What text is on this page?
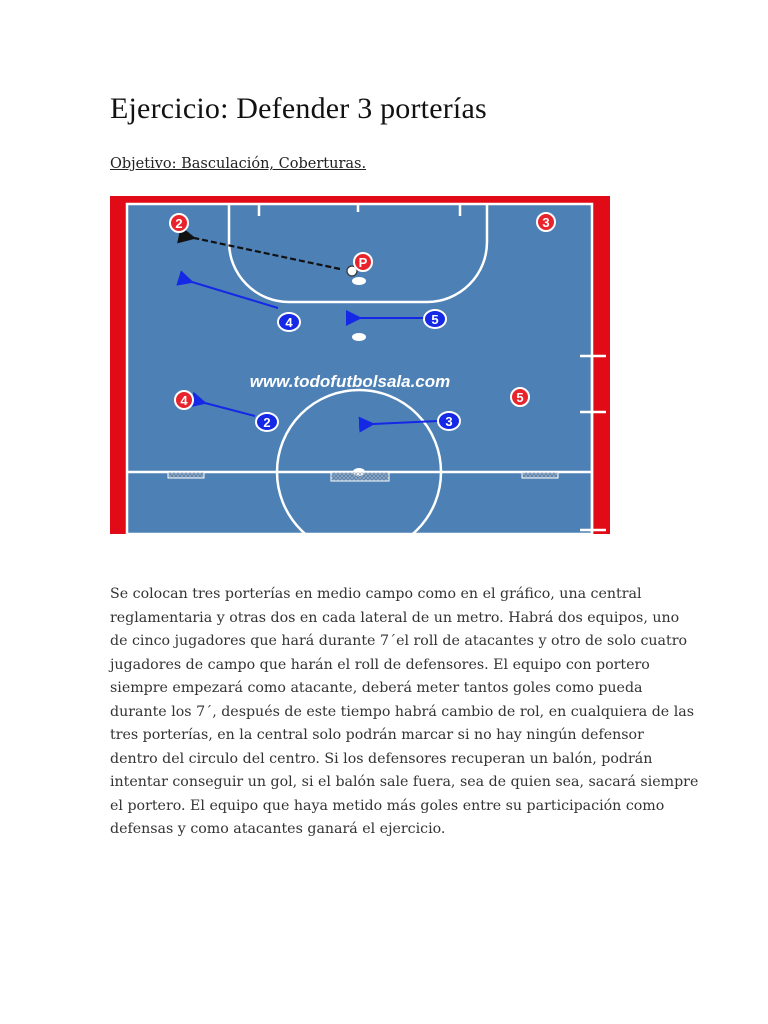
Ejercicio: Defender 3 porterías

Objetivo: Basculación, Coberturas.

P
2	3
4	5
4	5
2	3
www.todofutbolsala.com

Se colocan tres porterías en medio campo como en el gráfico, una central
reglamentaria y otras dos en cada lateral de un metro. Habrá dos equipos, uno
de cinco jugadores que hará durante 7´el roll de atacantes y otro de solo cuatro
jugadores de campo que harán el roll de defensores. El equipo con portero
siempre empezará como atacante, deberá meter tantos goles como pueda
durante los 7´, después de este tiempo habrá cambio de rol, en cualquiera de las
tres porterías, en la central solo podrán marcar si no hay ningún defensor
dentro del circulo del centro. Si los defensores recuperan un balón, podrán
intentar conseguir un gol, si el balón sale fuera, sea de quien sea, sacará siempre
el portero. El equipo que haya metido más goles entre su participación como
defensas y como atacantes ganará el ejercicio.
